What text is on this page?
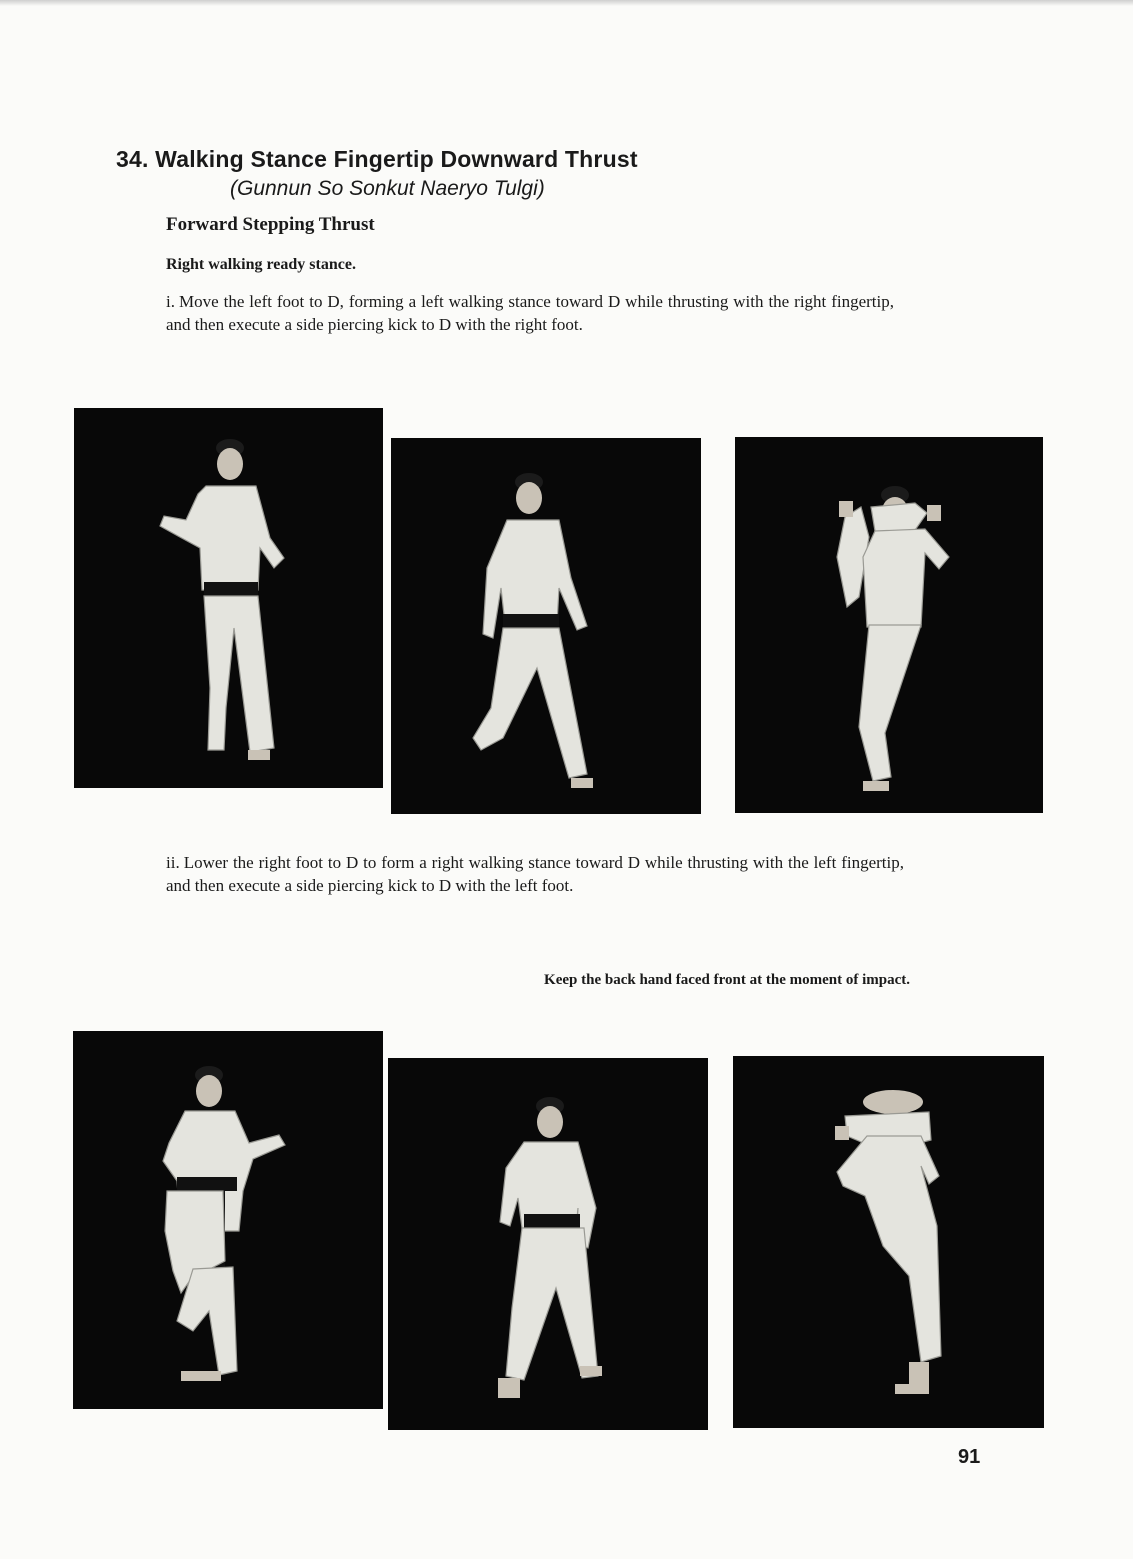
34. Walking Stance Fingertip Downward Thrust
(Gunnun So Sonkut Naeryo Tulgi)
Forward Stepping Thrust
Right walking ready stance.

i. Move the left foot to D, forming a left walking stance toward D while thrusting with the right fingertip, and then execute a side piercing kick to D with the right foot.

ii. Lower the right foot to D to form a right walking stance toward D while thrusting with the left fingertip, and then execute a side piercing kick to D with the left foot.

Keep the back hand faced front at the moment of impact.
91
